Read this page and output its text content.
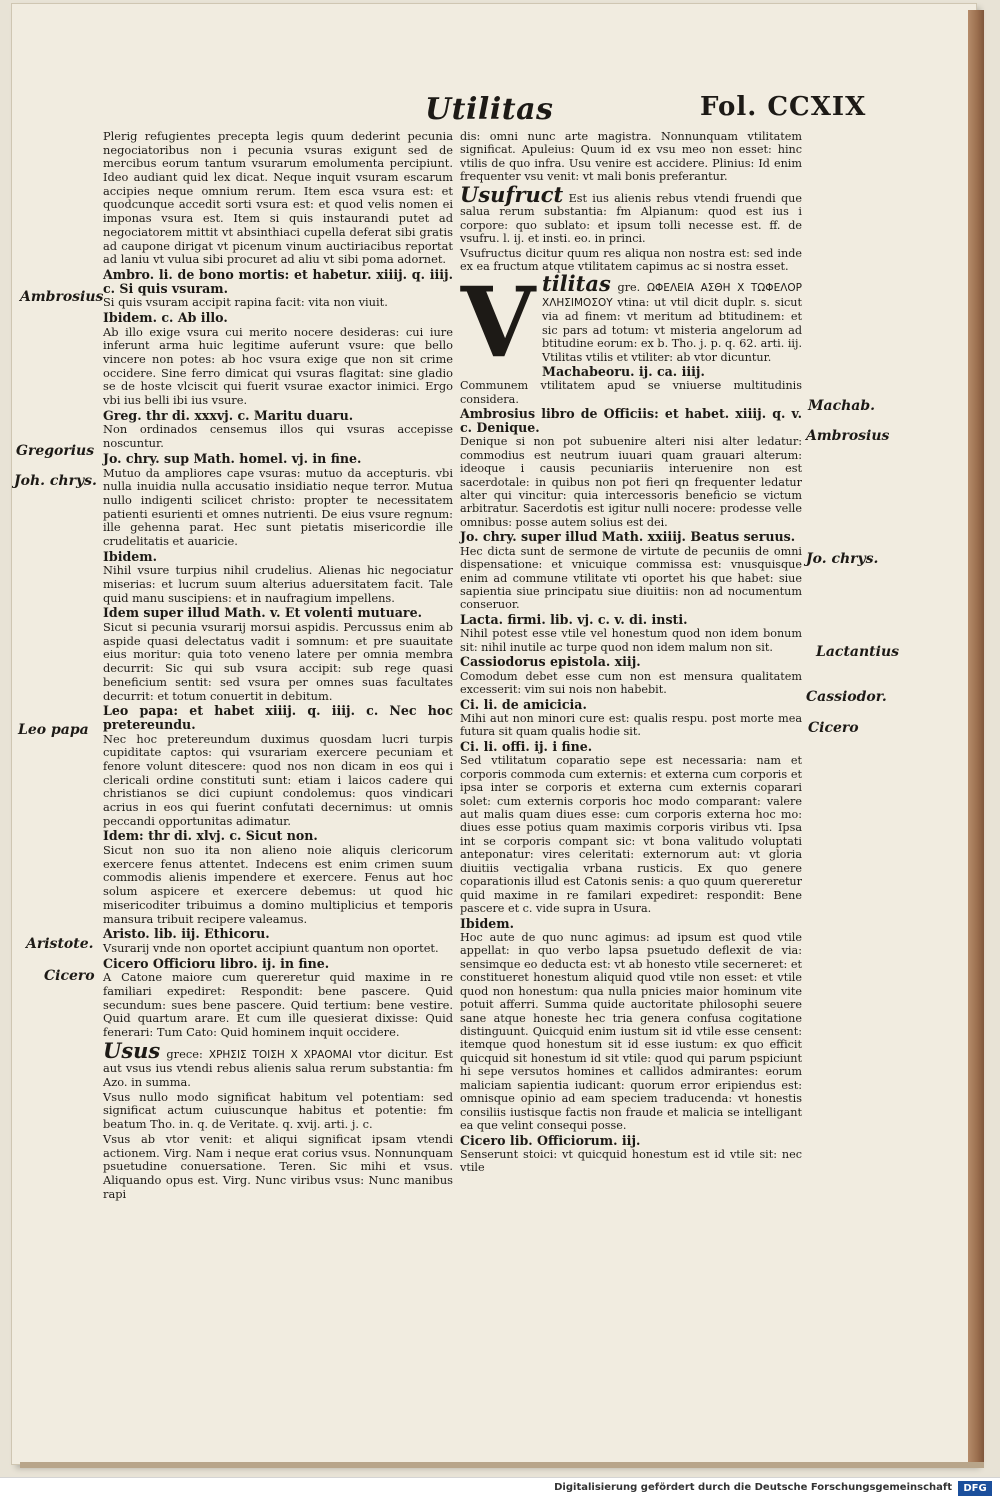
Utilitas	Fol. CCXIX

Plerig refugientes precepta legis quum dederint pecunia negociatoribus non i pecunia vsuras exigunt sed de mercibus eorum tantum vsurarum emolumenta percipiunt. Ideo audiant quid lex dicat. Neque inquit vsuram escarum accipies neque omnium rerum. Item esca vsura est: et quodcunque accedit sorti vsura est: et quod velis nomen ei imponas vsura est. Item si quis instaurandi putet ad negociatorem mittit vt absinthiaci cupella deferat sibi gratis ad caupone dirigat vt picenum vinum auctiriacibus reportat ad laniu vt vulua sibi procuret ad aliu vt sibi poma adornet.

Ambro. li. de bono mortis: et habetur. xiiij. q. iiij. c. Si quis vsuram.

Si quis vsuram accipit rapina facit: vita non viuit.

Ibidem. c. Ab illo.

Ab illo exige vsura cui merito nocere desideras: cui iure inferunt arma huic legitime auferunt vsure: que bello vincere non potes: ab hoc vsura exige que non sit crime occidere. Sine ferro dimicat qui vsuras flagitat: sine gladio se de hoste vlciscit qui fuerit vsurae exactor inimici. Ergo vbi ius belli ibi ius vsure.

Greg. thr di. xxxvj. c. Maritu duaru.

Non ordinados censemus illos qui vsuras accepisse noscuntur.

Jo. chry. sup Math. homel. vj. in fine.

Mutuo da ampliores cape vsuras: mutuo da accepturis. vbi nulla inuidia nulla accusatio insidiatio neque terror. Mutua nullo indigenti scilicet christo: propter te necessitatem patienti esurienti et omnes nutrienti. De eius vsure regnum: ille gehenna parat. Hec sunt pietatis misericordie ille crudelitatis et auaricie.

Ibidem.

Nihil vsure turpius nihil crudelius. Alienas hic negociatur miserias: et lucrum suum alterius aduersitatem facit. Tale quid manu suscipiens: et in naufragium impellens.

Idem super illud Math. v. Et volenti mutuare.

Sicut si pecunia vsurarij morsui aspidis. Percussus enim ab aspide quasi delectatus vadit i somnum: et pre suauitate eius moritur: quia toto veneno latere per omnia membra decurrit: Sic qui sub vsura accipit: sub rege quasi beneficium sentit: sed vsura per omnes suas facultates decurrit: et totum conuertit in debitum.

Leo papa: et habet xiiij. q. iiij. c. Nec hoc pretereundu.

Nec hoc pretereundum duximus quosdam lucri turpis cupiditate captos: qui vsurariam exercere pecuniam et fenore volunt ditescere: quod nos non dicam in eos qui i clericali ordine constituti sunt: etiam i laicos cadere qui christianos se dici cupiunt condolemus: quos vindicari acrius in eos qui fuerint confutati decernimus: ut omnis peccandi opportunitas adimatur.

Idem: thr di. xlvj. c. Sicut non.

Sicut non suo ita non alieno noie aliquis clericorum exercere fenus attentet. Indecens est enim crimen suum commodis alienis impendere et exercere. Fenus aut hoc solum aspicere et exercere debemus: ut quod hic misericoditer tribuimus a domino multiplicius et temporis mansura tribuit recipere valeamus.

Aristo. lib. iij. Ethicoru.

Vsurarij vnde non oportet accipiunt quantum non oportet.

Cicero Officioru libro. ij. in fine.

A Catone maiore cum quereretur quid maxime in re familiari expediret: Respondit: bene pascere. Quid secundum: sues bene pascere. Quid tertium: bene vestire. Quid quartum arare. Et cum ille quesierat dixisse: Quid fenerari: Tum Cato: Quid hominem inquit occidere.

Usus grece: ΧΡΗΣΙΣ ΤΟΙΣΗ Χ ΧΡΑΟΜΑΙ vtor dicitur. Est aut vsus ius vtendi rebus alienis salua rerum substantia: fm Azo. in summa.

Vsus nullo modo significat habitum vel potentiam: sed significat actum cuiuscunque habitus et potentie: fm beatum Tho. in. q. de Veritate. q. xvij. arti. j. c.

Vsus ab vtor venit: et aliqui significat ipsam vtendi actionem. Virg. Nam i neque erat corius vsus. Nonnunquam psuetudine conuersatione. Teren. Sic mihi et vsus. Aliquando opus est. Virg. Nunc viribus vsus: Nunc manibus rapi

dis: omni nunc arte magistra. Nonnunquam vtilitatem significat. Apuleius: Quum id ex vsu meo non esset: hinc vtilis de quo infra. Usu venire est accidere. Plinius: Id enim frequenter vsu venit: vt mali bonis preferantur.

Usufruct Est ius alienis rebus vtendi fruendi que salua rerum substantia: fm Alpianum: quod est ius i corpore: quo sublato: et ipsum tolli necesse est. ff. de vsufru. l. ij. et insti. eo. in princi.

Vsufructus dicitur quum res aliqua non nostra est: sed inde ex ea fructum atque vtilitatem capimus ac si nostra esset.

Vtilitas gre. ΩΦΕΛΕΙΑ ΑΣΘΗ Χ ΤΩΦΕΛΟΡ ΧΛΗΣΙΜΟΣΟΥ vtina: ut vtil dicit duplr. s. sicut via ad finem: vt meritum ad btitudinem: et sic pars ad totum: vt misteria angelorum ad btitudine eorum: ex b. Tho. j. p. q. 62. arti. iij. Vtilitas vtilis et vtiliter: ab vtor dicuntur.

Machabeoru. ij. ca. iiij.

Communem vtilitatem apud se vniuerse multitudinis considera.

Ambrosius libro de Officiis: et habet. xiiij. q. v. c. Denique.

Denique si non pot subuenire alteri nisi alter ledatur: commodius est neutrum iuuari quam grauari alterum: ideoque i causis pecuniariis interuenire non est sacerdotale: in quibus non pot fieri qn frequenter ledatur alter qui vincitur: quia intercessoris beneficio se victum arbitratur. Sacerdotis est igitur nulli nocere: prodesse velle omnibus: posse autem solius est dei.

Jo. chry. super illud Math. xxiiij. Beatus seruus.

Hec dicta sunt de sermone de virtute de pecuniis de omni dispensatione: et vnicuique commissa est: vnusquisque enim ad commune vtilitate vti oportet his que habet: siue sapientia siue principatu siue diuitiis: non ad nocumentum conseruor.

Lacta. firmi. lib. vj. c. v. di. insti.

Nihil potest esse vtile vel honestum quod non idem bonum sit: nihil inutile ac turpe quod non idem malum non sit.

Cassiodorus epistola. xiij.

Comodum debet esse cum non est mensura qualitatem excesserit: vim sui nois non habebit.

Ci. li. de amicicia.

Mihi aut non minori cure est: qualis respu. post morte mea futura sit quam qualis hodie sit.

Ci. li. offi. ij. i fine.

Sed vtilitatum coparatio sepe est necessaria: nam et corporis commoda cum externis: et externa cum corporis et ipsa inter se corporis et externa cum externis coparari solet: cum externis corporis hoc modo comparant: valere aut malis quam diues esse: cum corporis externa hoc mo: diues esse potius quam maximis corporis viribus vti. Ipsa int se corporis compant sic: vt bona valitudo voluptati anteponatur: vires celeritati: externorum aut: vt gloria diuitiis vectigalia vrbana rusticis. Ex quo genere coparationis illud est Catonis senis: a quo quum quereretur quid maxime in re familari expediret: respondit: Bene pascere et c. vide supra in Usura.

Ibidem.

Hoc aute de quo nunc agimus: ad ipsum est quod vtile appellat: in quo verbo lapsa psuetudo deflexit de via: sensimque eo deducta est: vt ab honesto vtile secerneret: et constitueret honestum aliquid quod vtile non esset: et vtile quod non honestum: qua nulla pnicies maior hominum vite potuit afferri. Summa quide auctoritate philosophi seuere sane atque honeste hec tria genera confusa cogitatione distinguunt. Quicquid enim iustum sit id vtile esse censent: itemque quod honestum sit id esse iustum: ex quo efficit quicquid sit honestum id sit vtile: quod qui parum pspiciunt hi sepe versutos homines et callidos admirantes: eorum maliciam sapientia iudicant: quorum error eripiendus est: omnisque opinio ad eam speciem traducenda: vt honestis consiliis iustisque factis non fraude et malicia se intelligant ea que velint consequi posse.

Cicero lib. Officiorum. iij.

Senserunt stoici: vt quicquid honestum est id vtile sit: nec vtile

Ambrosius
Gregorius
Joh. chrys.
Leo papa
Aristote.
Cicero
Machab.
Ambrosius
Jo. chrys.
Lactantius
Cassiodor.
Cicero
Digitalisierung gefördert durch die Deutsche Forschungsgemeinschaft	DFG
